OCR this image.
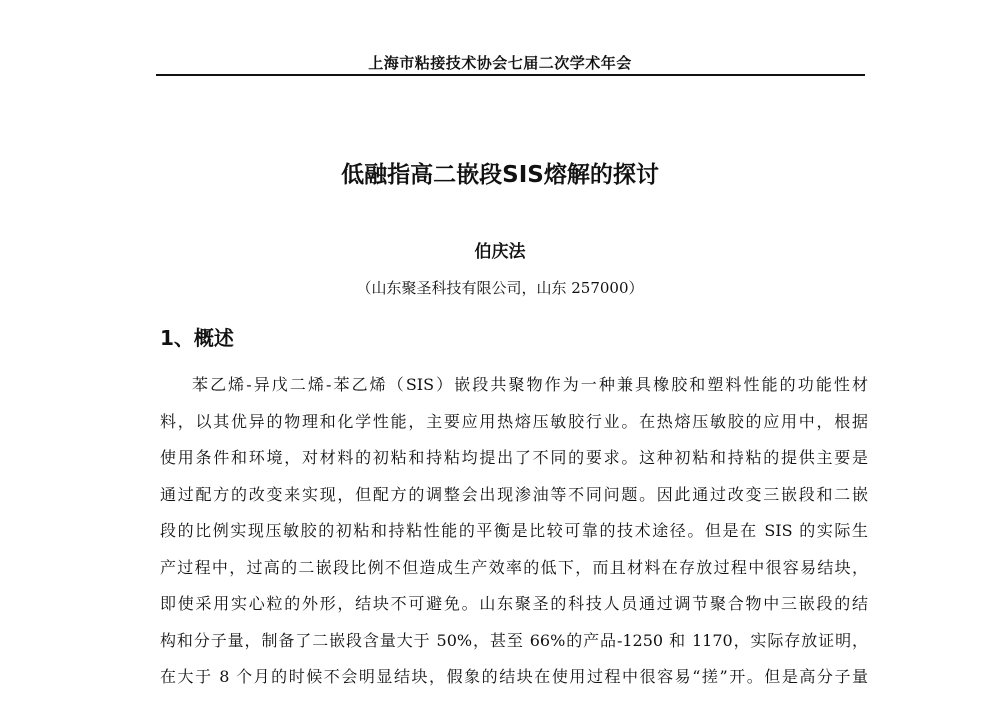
上海市粘接技术协会七届二次学术年会
低融指高二嵌段SIS熔解的探讨
伯庆法
（山东聚圣科技有限公司，山东 257000）
1、概述
苯乙烯-异戊二烯-苯乙烯（SIS）嵌段共聚物作为一种兼具橡胶和塑料性能的功能性材
料，以其优异的物理和化学性能，主要应用热熔压敏胶行业。在热熔压敏胶的应用中，根据
使用条件和环境，对材料的初粘和持粘均提出了不同的要求。这种初粘和持粘的提供主要是
通过配方的改变来实现，但配方的调整会出现渗油等不同问题。因此通过改变三嵌段和二嵌
段的比例实现压敏胶的初粘和持粘性能的平衡是比较可靠的技术途径。但是在 SIS 的实际生
产过程中，过高的二嵌段比例不但造成生产效率的低下，而且材料在存放过程中很容易结块，
即使采用实心粒的外形，结块不可避免。山东聚圣的科技人员通过调节聚合物中三嵌段的结
构和分子量，制备了二嵌段含量大于 50%，甚至 66%的产品-1250 和 1170，实际存放证明，
在大于 8 个月的时候不会明显结块，假象的结块在使用过程中很容易“搓”开。但是高分子量
